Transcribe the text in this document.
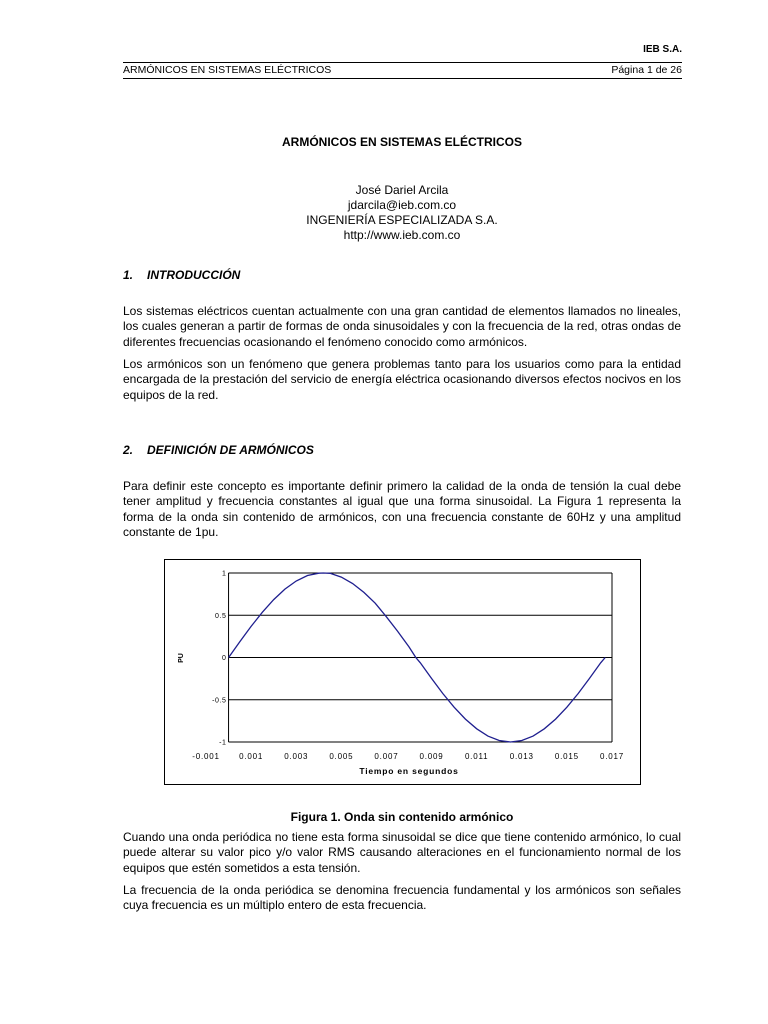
IEB S.A.
ARMÓNICOS EN SISTEMAS ELÉCTRICOS	Página 1 de 26
ARMÓNICOS EN SISTEMAS ELÉCTRICOS
José Dariel Arcila
jdarcila@ieb.com.co
INGENIERÍA ESPECIALIZADA S.A.
http://www.ieb.com.co
1. INTRODUCCIÓN

Los sistemas eléctricos cuentan actualmente con una gran cantidad de elementos llamados no lineales, los cuales generan a partir de formas de onda sinusoidales y con la frecuencia de la red, otras ondas de diferentes frecuencias ocasionando el fenómeno conocido como armónicos.

Los armónicos son un fenómeno que genera problemas tanto para los usuarios como para la entidad encargada de la prestación del servicio de energía eléctrica ocasionando diversos efectos nocivos en los equipos de la red.

2. DEFINICIÓN DE ARMÓNICOS

Para definir este concepto es importante definir primero la calidad de la onda de tensión la cual debe tener amplitud y frecuencia constantes al igual que una forma sinusoidal. La Figura 1 representa la forma de la onda sin contenido de armónicos, con una frecuencia constante de 60Hz y una amplitud constante de 1pu.

1
0.5
0
-0.5
-1
-0.001 0.001	0.003	0.005	0.007	0.009	0.011	0.013	0.015	0.017
Tiempo en segundos
PU
Figura 1. Onda sin contenido armónico

Cuando una onda periódica no tiene esta forma sinusoidal se dice que tiene contenido armónico, lo cual puede alterar su valor pico y/o valor RMS causando alteraciones en el funcionamiento normal de los equipos que estén sometidos a esta tensión.

La frecuencia de la onda periódica se denomina frecuencia fundamental y los armónicos son señales cuya frecuencia es un múltiplo entero de esta frecuencia.
